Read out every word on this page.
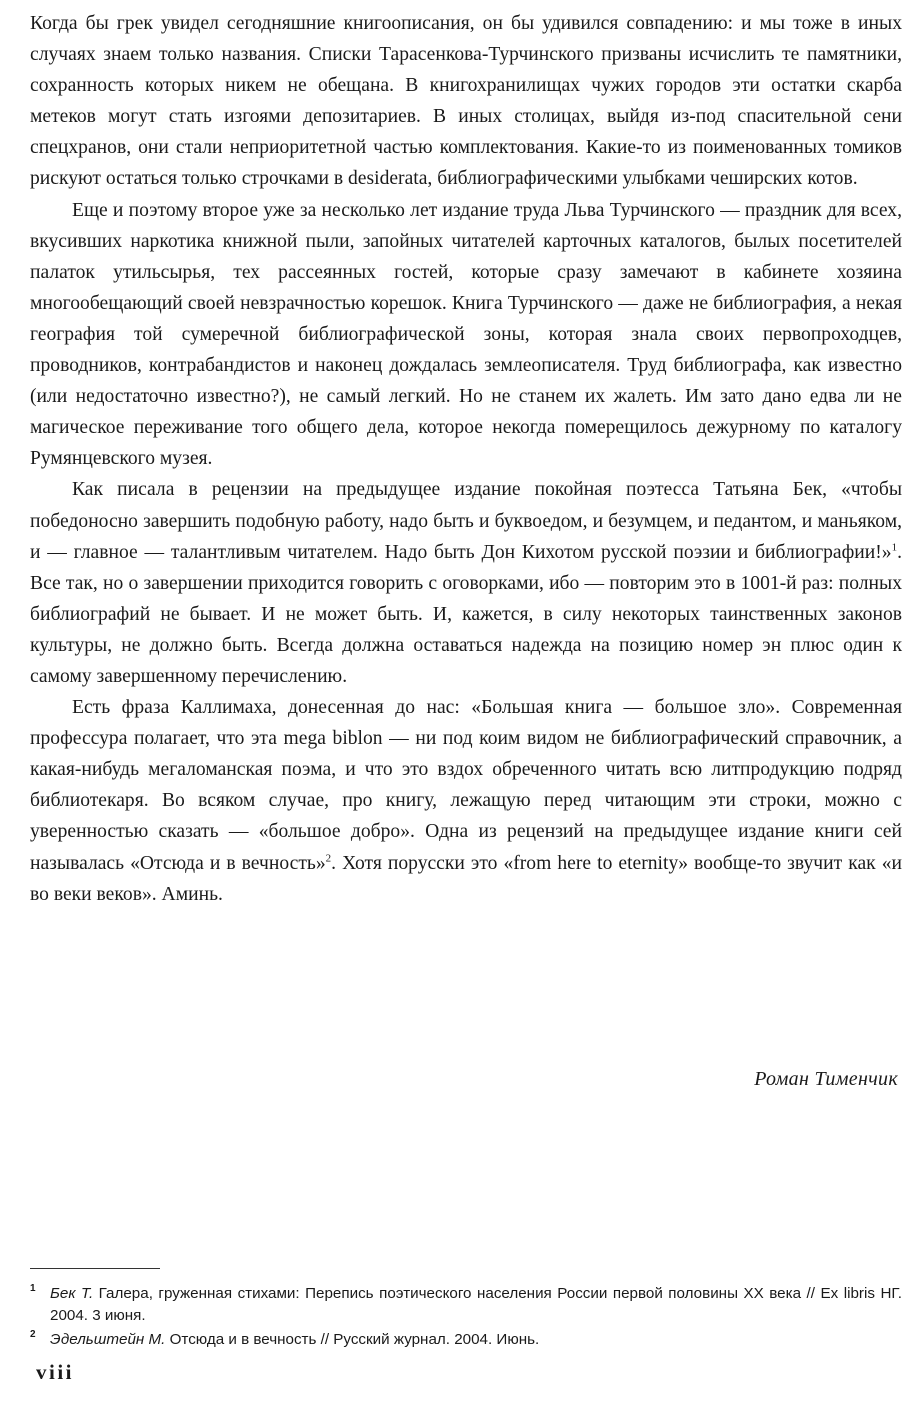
Когда бы грек увидел сегодняшние книгоописания, он бы удивился совпадению: и мы тоже в иных случаях знаем только названия. Списки Тарасенкова-Турчинского призваны исчислить те памятники, сохранность которых никем не обещана. В книгохранилищах чужих городов эти остатки скарба метеков могут стать изгоями депозитариев. В иных столицах, выйдя из-под спасительной сени спецхранов, они стали неприоритетной частью комплектования. Какие-то из поименованных томиков рискуют остаться только строчками в desiderata, библиографическими улыбками чеширских котов.

Еще и поэтому второе уже за несколько лет издание труда Льва Турчинского — праздник для всех, вкусивших наркотика книжной пыли, запойных читателей карточных каталогов, былых посетителей палаток утильсырья, тех рассеянных гостей, которые сразу замечают в кабинете хозяина многообещающий своей невзрачностью корешок. Книга Турчинского — даже не библиография, а некая география той сумеречной библиографической зоны, которая знала своих первопроходцев, проводников, контрабандистов и наконец дождалась землеописателя. Труд библиографа, как известно (или недостаточно известно?), не самый легкий. Но не станем их жалеть. Им зато дано едва ли не магическое переживание того общего дела, которое некогда померещилось дежурному по каталогу Румянцевского музея.

Как писала в рецензии на предыдущее издание покойная поэтесса Татьяна Бек, «чтобы победоносно завершить подобную работу, надо быть и буквоедом, и безумцем, и педантом, и маньяком, и — главное — талантливым читателем. Надо быть Дон Кихотом русской поэзии и библиографии!»$^1$. Все так, но о завершении приходится говорить с оговорками, ибо — повторим это в 1001-й раз: полных библиографий не бывает. И не может быть. И, кажется, в силу некоторых таинственных законов культуры, не должно быть. Всегда должна оставаться надежда на позицию номер эн плюс один к самому завершенному перечислению.

Есть фраза Каллимаха, донесенная до нас: «Большая книга — большое зло». Современная профессура полагает, что эта mega biblon — ни под коим видом не библиографический справочник, а какая-нибудь мегаломанская поэма, и что это вздох обреченного читать всю литпродукцию подряд библиотекаря. Во всяком случае, про книгу, лежащую перед читающим эти строки, можно с уверенностью сказать — «большое добро». Одна из рецензий на предыдущее издание книги сей называлась «Отсюда и в вечность»$^2$. Хотя порусски это «from here to eternity» вообще-то звучит как «и во веки веков». Аминь.

Роман Тименчик
1 Бек Т. Галера, груженная стихами: Перепись поэтического населения России первой половины XX века // Ex libris НГ. 2004. 3 июня.
2 Эдельштейн М. Отсюда и в вечность // Русский журнал. 2004. Июнь.
viii
